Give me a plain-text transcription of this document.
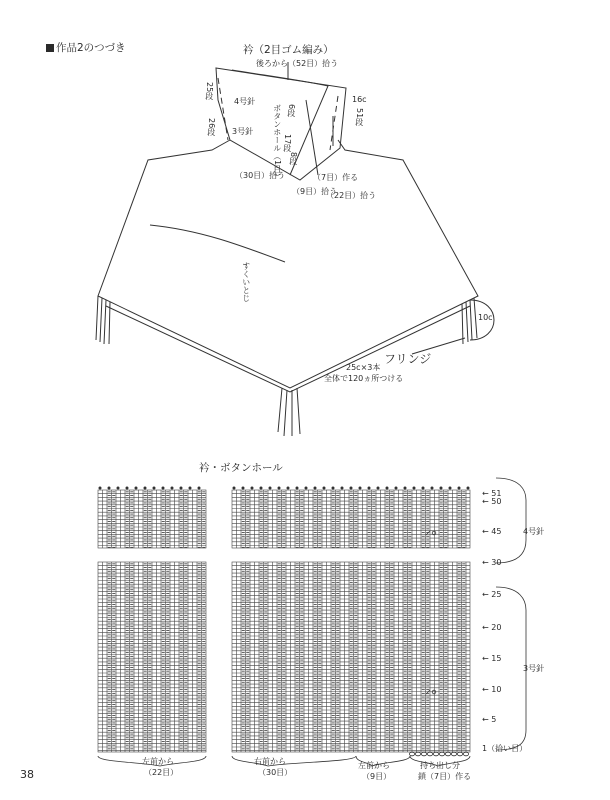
作品2のつづき	衿（2目ゴム編み）
後ろから（52目）拾う
25段
26段
4号針
3号針
6段
ボタンホール（1目） 17段
8段
16c
51段
（30目）拾う
（9目）拾う
（7目）作る
（22目）拾う
すくいとじ
10c
フリンジ
25c×3本
全体で120ヵ所つける
衿・ボタンホール
← 51
← 50
← 45
← 30
← 25
← 20
← 15
← 10
← 5
1（拾い目）
4号針
3号針
左前から
（22目）
右前から
（30目）
左前から
（9目）
持ち出し分
鎖（7目）作る
38
